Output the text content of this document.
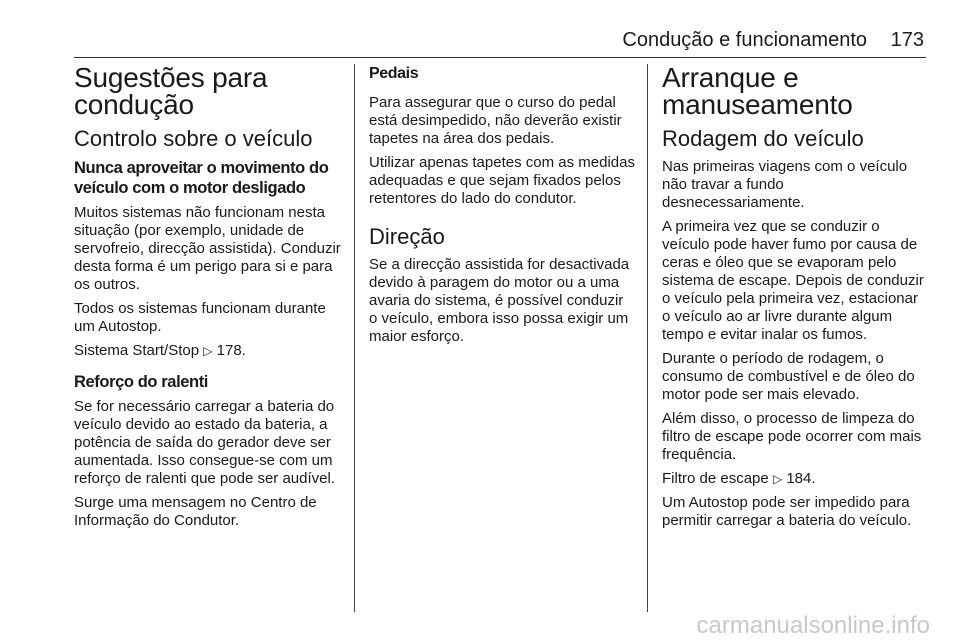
Condução e funcionamento 173
Sugestões para condução
Controlo sobre o veículo
Nunca aproveitar o movimento do veículo com o motor desligado

Muitos sistemas não funcionam nesta situação (por exemplo, unidade de servofreio, direcção assistida). Conduzir desta forma é um perigo para si e para os outros.

Todos os sistemas funcionam durante um Autostop.

Sistema Start/Stop ▷ 178.

Reforço do ralenti

Se for necessário carregar a bateria do veículo devido ao estado da bateria, a potência de saída do gerador deve ser aumentada. Isso consegue-se com um reforço de ralenti que pode ser audível.

Surge uma mensagem no Centro de Informação do Condutor.

Pedais

Para assegurar que o curso do pedal está desimpedido, não deverão existir tapetes na área dos pedais.

Utilizar apenas tapetes com as medidas adequadas e que sejam fixados pelos retentores do lado do condutor.

Direção

Se a direcção assistida for desactivada devido à paragem do motor ou a uma avaria do sistema, é possível conduzir o veículo, embora isso possa exigir um maior esforço.

Arranque e manuseamento
Rodagem do veículo

Nas primeiras viagens com o veículo não travar a fundo desnecessariamente.

A primeira vez que se conduzir o veículo pode haver fumo por causa de ceras e óleo que se evaporam pelo sistema de escape. Depois de conduzir o veículo pela primeira vez, estacionar o veículo ao ar livre durante algum tempo e evitar inalar os fumos.

Durante o período de rodagem, o consumo de combustível e de óleo do motor pode ser mais elevado.

Além disso, o processo de limpeza do filtro de escape pode ocorrer com mais frequência.

Filtro de escape ▷ 184.

Um Autostop pode ser impedido para permitir carregar a bateria do veículo.

carmanualsonline.info
